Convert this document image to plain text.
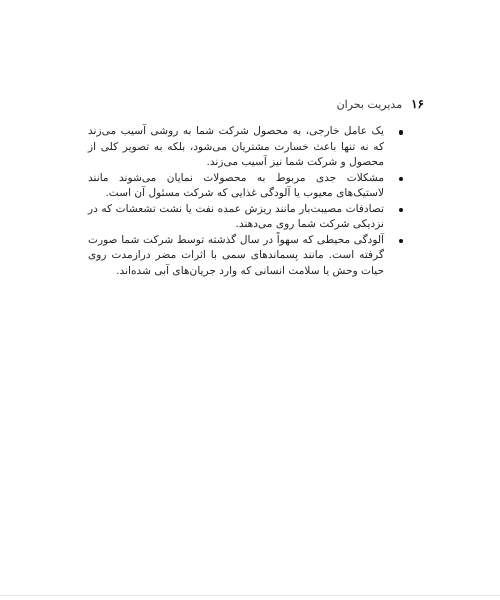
۱۶
مدیریت بحران
یک عامل خارجی، به محصول شرکت شما به روشی آسیب می‌زند که نه تنها باعث خسارت مشتریان می‌شود، بلکه به تصویر کلی از محصول و شرکت شما نیز آسیب می‌زند.
مشکلات جدی مربوط به محصولات نمایان می‌شوند مانند لاستیک‌های معیوب یا آلودگی غذایی که شرکت مسئول آن است.
تصادفات مصیبت‌بار مانند ریزش عمده نفت یا نشت تشعشات که در نزدیکی شرکت شما روی می‌دهند.
آلودگی محیطی که سهواً در سال گذشته توسط شرکت شما صورت گرفته است. مانند پسماندهای سمی با اثرات مضر درازمدت روی حیات وحش یا سلامت انسانی که وارد جریان‌های آبی شده‌اند.
